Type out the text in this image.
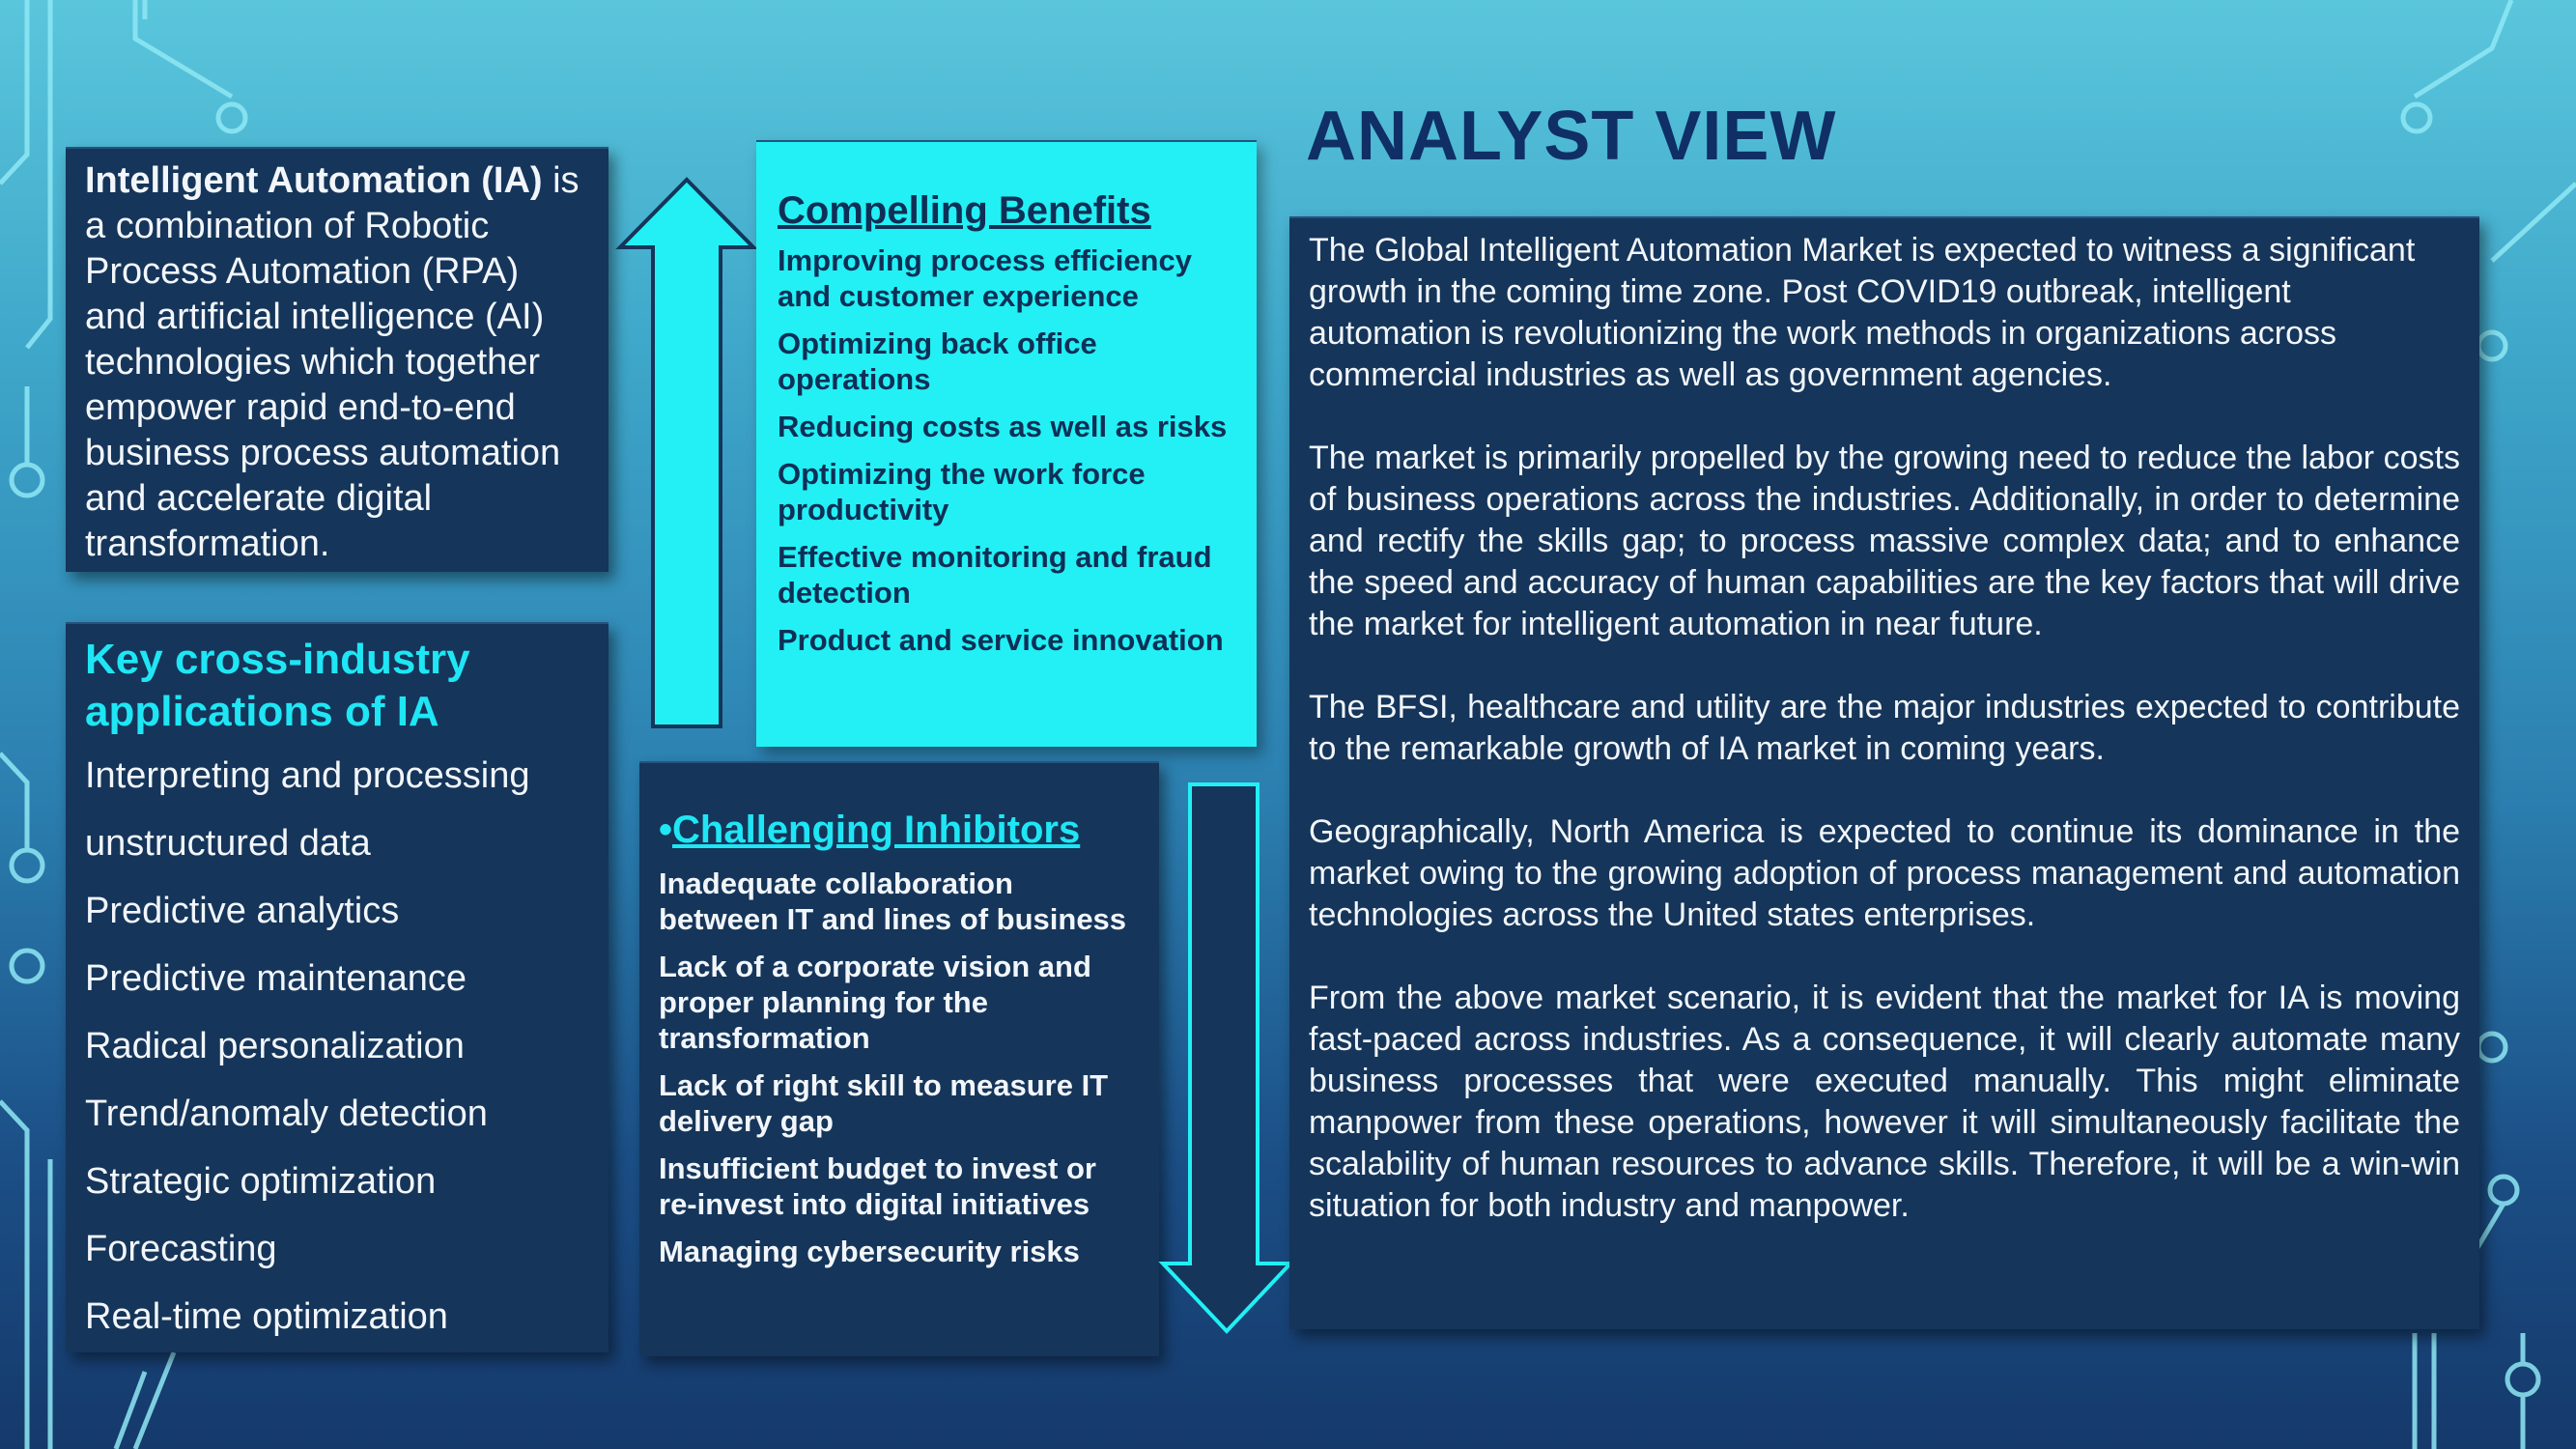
Intelligent Automation (IA) is a combination of Robotic Process Automation (RPA) and artificial intelligence (AI) technologies which together empower rapid end-to-end business process automation and accelerate digital transformation.
Key cross-industry applications of IA
Interpreting and processing
unstructured data
Predictive analytics
Predictive maintenance
Radical personalization
Trend/anomaly detection
Strategic optimization
Forecasting
Real-time optimization
Compelling Benefits
Improving process efficiency and customer experience
Optimizing back office operations
Reducing costs as well as risks
Optimizing the work force productivity
Effective monitoring and fraud detection
Product and service innovation
•Challenging Inhibitors
Inadequate collaboration between IT and lines of business
Lack of a corporate vision and proper planning for the transformation
Lack of right skill to measure IT delivery gap
Insufficient budget to invest or re-invest into digital initiatives
Managing cybersecurity risks
ANALYST VIEW

The Global Intelligent Automation Market is expected to witness a significant growth in the coming time zone. Post COVID19 outbreak, intelligent automation is revolutionizing the work methods in organizations across commercial industries as well as government agencies.

The market is primarily propelled by the growing need to reduce the labor costs of business operations across the industries. Additionally, in order to determine and rectify the skills gap; to process massive complex data; and to enhance the speed and accuracy of human capabilities are the key factors that will drive the market for intelligent automation in near future.

The BFSI, healthcare and utility are the major industries expected to contribute to the remarkable growth of IA market in coming years.

Geographically, North America is expected to continue its dominance in the market owing to the growing adoption of process management and automation technologies across the United states enterprises.

From the above market scenario, it is evident that the market for IA is moving fast-paced across industries. As a consequence, it will clearly automate many business processes that were executed manually. This might eliminate manpower from these operations, however it will simultaneously facilitate the scalability of human resources to advance skills. Therefore, it will be a win-win situation for both industry and manpower.
